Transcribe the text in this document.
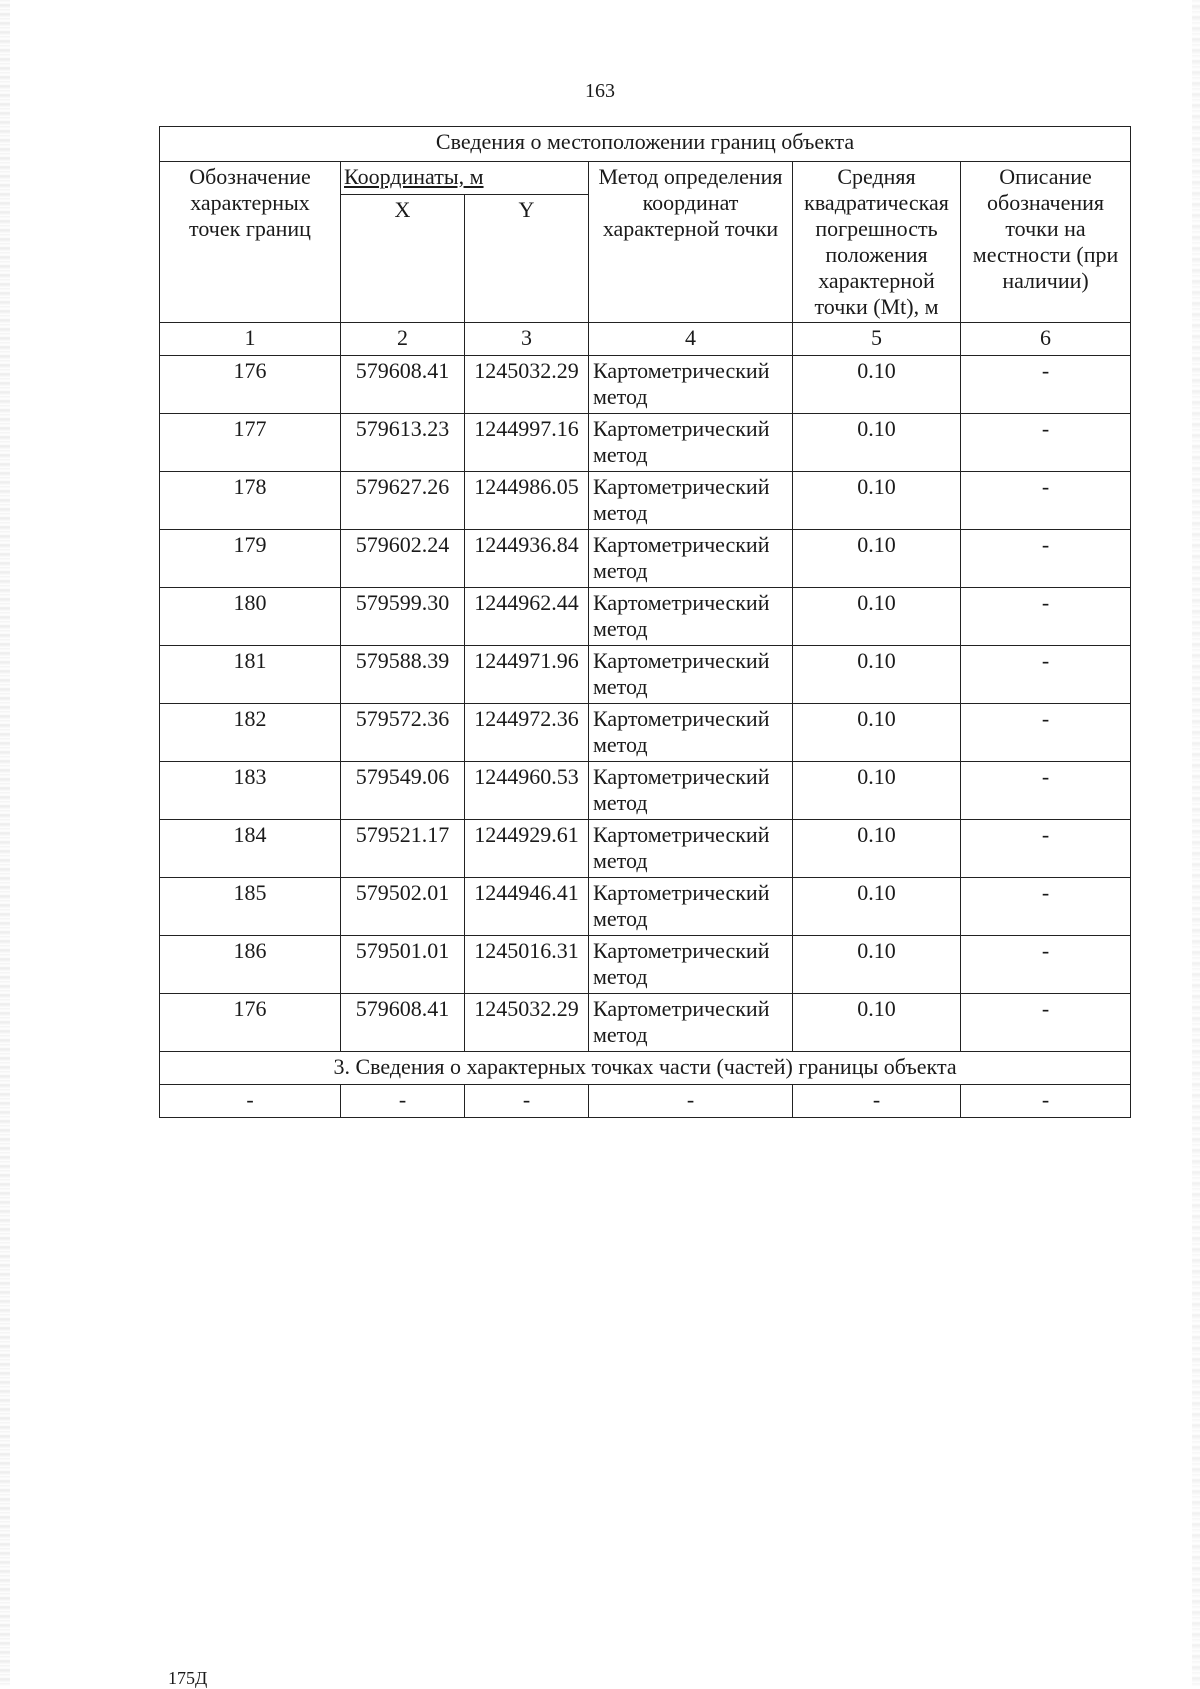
163
Сведения о местоположении границ объекта					
Обозначение характерных точек границ	Координаты, м		Метод определения координат характерной точки	Средняя квадратическая погрешность положения характерной точки (Mt), м	Описание обозначения точки на местности (при наличии)
	X	Y			
1	2	3	4	5	6
176	579608.41	1245032.29	Картометрический метод	0.10	-
177	579613.23	1244997.16	Картометрический метод	0.10	-
178	579627.26	1244986.05	Картометрический метод	0.10	-
179	579602.24	1244936.84	Картометрический метод	0.10	-
180	579599.30	1244962.44	Картометрический метод	0.10	-
181	579588.39	1244971.96	Картометрический метод	0.10	-
182	579572.36	1244972.36	Картометрический метод	0.10	-
183	579549.06	1244960.53	Картометрический метод	0.10	-
184	579521.17	1244929.61	Картометрический метод	0.10	-
185	579502.01	1244946.41	Картометрический метод	0.10	-
186	579501.01	1245016.31	Картометрический метод	0.10	-
176	579608.41	1245032.29	Картометрический метод	0.10	-
3. Сведения о характерных точках части (частей) границы объекта					
-	-	-	-	-	-
175Д
